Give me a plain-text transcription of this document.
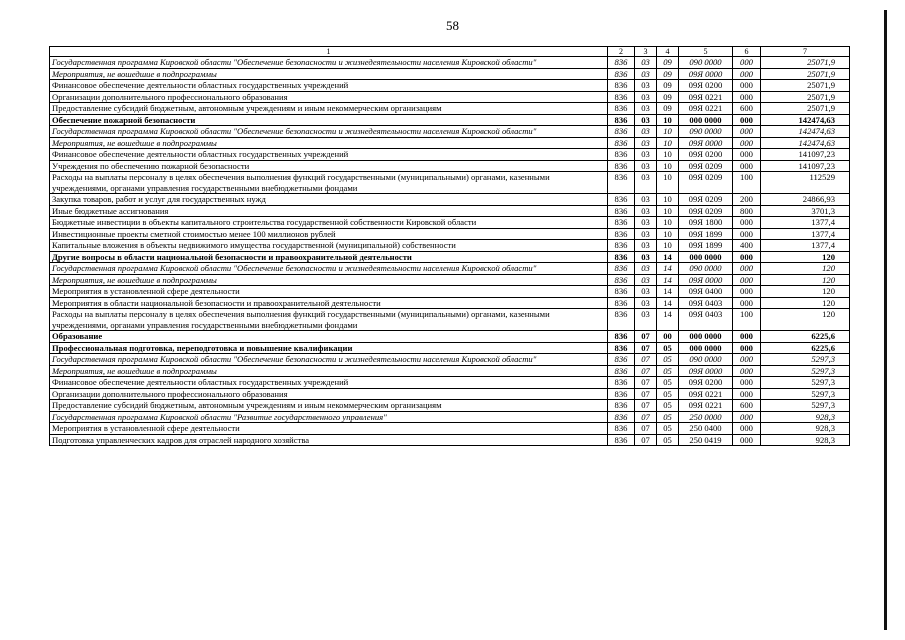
58
1	2	3	4	5	6	7
Государственная программа Кировской области "Обеспечение безопасности и жизнедеятельности населения Кировской области"	836	03	09	090 0000	000	25071,9
Мероприятия, не вошедшие в подпрограммы	836	03	09	09Я 0000	000	25071,9
Финансовое обеспечение деятельности областных государственных учреждений	836	03	09	09Я 0200	000	25071,9
Организации дополнительного профессионального образования	836	03	09	09Я 0221	000	25071,9
Предоставление субсидий бюджетным, автономным учреждениям и иным некоммерческим организациям	836	03	09	09Я 0221	600	25071,9
Обеспечение пожарной безопасности	836	03	10	000 0000	000	142474,63
Государственная программа Кировской области "Обеспечение безопасности и жизнедеятельности населения Кировской области"	836	03	10	090 0000	000	142474,63
Мероприятия, не вошедшие в подпрограммы	836	03	10	09Я 0000	000	142474,63
Финансовое обеспечение деятельности областных государственных учреждений	836	03	10	09Я 0200	000	141097,23
Учреждения по обеспечению пожарной безопасности	836	03	10	09Я 0209	000	141097,23
Расходы на выплаты персоналу в целях обеспечения выполнения функций государственными (муниципальными) органами, казенными учреждениями, органами управления государственными внебюджетными фондами	836	03	10	09Я 0209	100	112529
Закупка товаров, работ и услуг для государственных нужд	836	03	10	09Я 0209	200	24866,93
Иные бюджетные ассигнования	836	03	10	09Я 0209	800	3701,3
Бюджетные инвестиции в объекты капитального строительства государственной собственности Кировской области	836	03	10	09Я 1800	000	1377,4
Инвестиционные проекты сметной стоимостью менее 100 миллионов рублей	836	03	10	09Я 1899	000	1377,4
Капитальные вложения в объекты недвижимого имущества государственной (муниципальной) собственности	836	03	10	09Я 1899	400	1377,4
Другие вопросы в области национальной безопасности и правоохранительной деятельности	836	03	14	000 0000	000	120
Государственная программа Кировской области "Обеспечение безопасности и жизнедеятельности населения Кировской области"	836	03	14	090 0000	000	120
Мероприятия, не вошедшие в подпрограммы	836	03	14	09Я 0000	000	120
Мероприятия в установленной сфере деятельности	836	03	14	09Я 0400	000	120
Мероприятия в области национальной безопасности и правоохранительной деятельности	836	03	14	09Я 0403	000	120
Расходы на выплаты персоналу в целях обеспечения выполнения функций государственными (муниципальными) органами, казенными учреждениями, органами управления государственными внебюджетными фондами	836	03	14	09Я 0403	100	120
Образование	836	07	00	000 0000	000	6225,6
Профессиональная подготовка, переподготовка и повышение квалификации	836	07	05	000 0000	000	6225,6
Государственная программа Кировской области "Обеспечение безопасности и жизнедеятельности населения Кировской области"	836	07	05	090 0000	000	5297,3
Мероприятия, не вошедшие в подпрограммы	836	07	05	09Я 0000	000	5297,3
Финансовое обеспечение деятельности областных государственных учреждений	836	07	05	09Я 0200	000	5297,3
Организации дополнительного профессионального образования	836	07	05	09Я 0221	000	5297,3
Предоставление субсидий бюджетным, автономным учреждениям и иным некоммерческим организациям	836	07	05	09Я 0221	600	5297,3
Государственная программа Кировской области "Развитие государственного управления"	836	07	05	250 0000	000	928,3
Мероприятия в установленной сфере деятельности	836	07	05	250 0400	000	928,3
Подготовка управленческих кадров для отраслей народного хозяйства	836	07	05	250 0419	000	928,3
